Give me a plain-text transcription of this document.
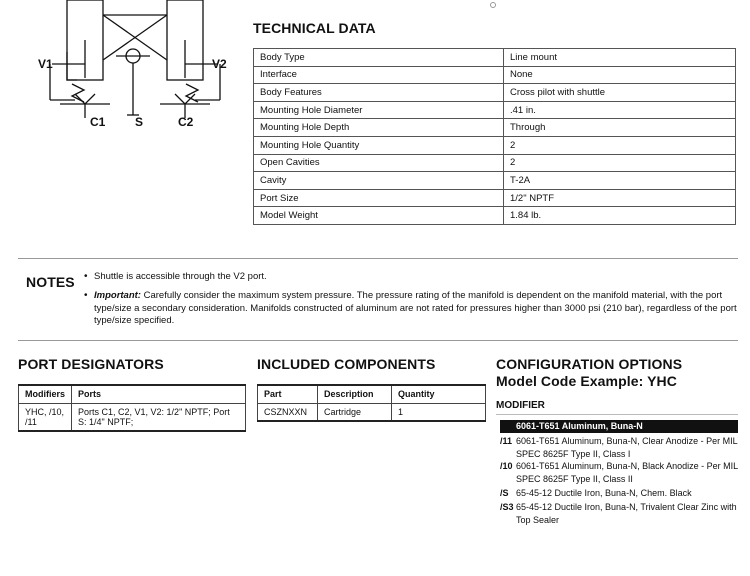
V1	V2
C1 S	C2
TECHNICAL DATA
Body Type	Line mount
Interface	None
Body Features	Cross pilot with shuttle
Mounting Hole Diameter	.41 in.
Mounting Hole Depth	Through
Mounting Hole Quantity	2
Open Cavities	2
Cavity	T-2A
Port Size	1/2" NPTF
Model Weight	1.84 lb.
NOTES • Shuttle is accessible through the V2 port.
• Important: Carefully consider the maximum system pressure. The pressure rating of the manifold is dependent on the manifold material, with the port
type/size a secondary consideration. Manifolds constructed of aluminum are not rated for pressures higher than 3000 psi (210 bar), regardless of the port
type/size specified.
PORT DESIGNATORS
Modifiers	Ports
YHC, /10, /11	Ports C1, C2, V1, V2: 1/2" NPTF; Port S: 1/4" NPTF;
INCLUDED COMPONENTS
Part	Description	Quantity
CSZNXXN	Cartridge	1
CONFIGURATION OPTIONS
Model Code Example: YHC
MODIFIER
6061-T651 Aluminum, Buna-N
/11 6061-T651 Aluminum, Buna-N, Clear Anodize - Per MIL
SPEC 8625F Type II, Class I
/10 6061-T651 Aluminum, Buna-N, Black Anodize - Per MIL
SPEC 8625F Type II, Class II
/S 65-45-12 Ductile Iron, Buna-N, Chem. Black
/S3 65-45-12 Ductile Iron, Buna-N, Trivalent Clear Zinc with
Top Sealer
